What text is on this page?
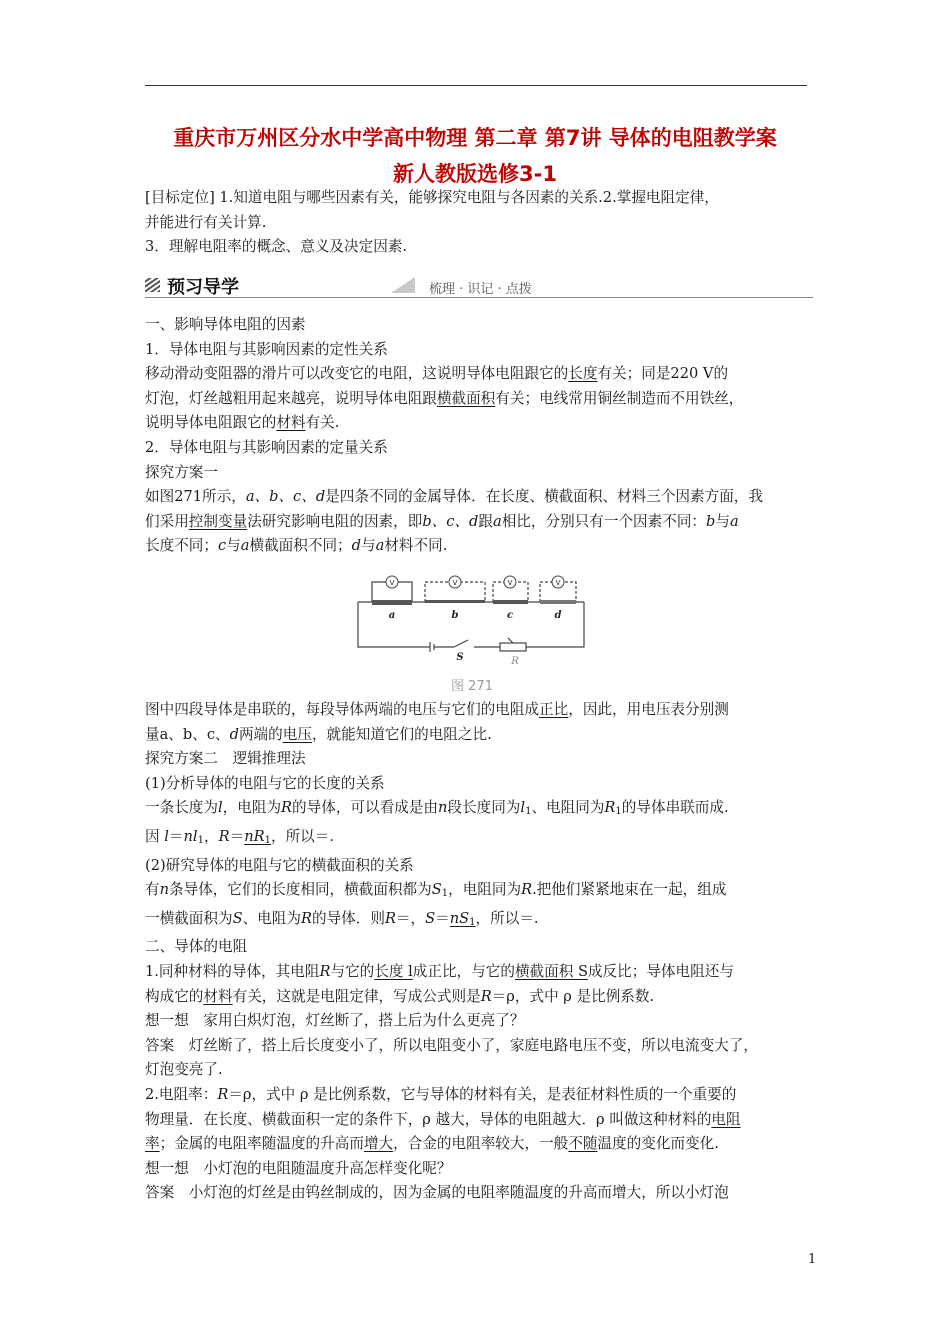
重庆市万州区分水中学高中物理 第二章 第7讲 导体的电阻教学案
新人教版选修3-1

[目标定位] 1.知道电阻与哪些因素有关，能够探究电阻与各因素的关系.2.掌握电阻定律，

并能进行有关计算.

3．理解电阻率的概念、意义及决定因素.

预习导学	梳理 · 识记 · 点拨

一、影响导体电阻的因素

1．导体电阻与其影响因素的定性关系

移动滑动变阻器的滑片可以改变它的电阻，这说明导体电阻跟它的长度有关；同是220 V的

灯泡，灯丝越粗用起来越亮，说明导体电阻跟横截面积有关；电线常用铜丝制造而不用铁丝，

说明导体电阻跟它的材料有关.

2．导体电阻与其影响因素的定量关系

探究方案一

如图271所示，a、b、c、d是四条不同的金属导体．在长度、横截面积、材料三个因素方面，我

们采用控制变量法研究影响电阻的因素，即b、c、d跟a相比，分别只有一个因素不同：b与a

长度不同；c与a横截面积不同；d与a材料不同.

V	V	V	V
a	b	c	d
S	R
图 271

图中四段导体是串联的，每段导体两端的电压与它们的电阻成正比，因此，用电压表分别测

量a、b、c、d两端的电压，就能知道它们的电阻之比.

探究方案二　逻辑推理法

(1)分析导体的电阻与它的长度的关系

一条长度为l，电阻为R的导体，可以看成是由n段长度同为$l_1$、电阻同为$R_1$的导体串联而成.

因 $l=nl_1$，$R=nR_1$，所以＝.

(2)研究导体的电阻与它的横截面积的关系

有n条导体，它们的长度相同，横截面积都为$S_1$，电阻同为R.把他们紧紧地束在一起，组成

一横截面积为S、电阻为R的导体．则R＝，$S=nS_1$，所以＝.

二、导体的电阻

1.同种材料的导体，其电阻R与它的长度 l成正比，与它的横截面积 S成反比；导体电阻还与

构成它的材料有关，这就是电阻定律，写成公式则是R＝ρ，式中 ρ 是比例系数.

想一想　家用白炽灯泡，灯丝断了，搭上后为什么更亮了？

答案　灯丝断了，搭上后长度变小了，所以电阻变小了，家庭电路电压不变，所以电流变大了，

灯泡变亮了.

2.电阻率：R＝ρ，式中 ρ 是比例系数，它与导体的材料有关，是表征材料性质的一个重要的

物理量．在长度、横截面积一定的条件下，ρ 越大，导体的电阻越大．ρ 叫做这种材料的电阻

率；金属的电阻率随温度的升高而增大，合金的电阻率较大，一般不随温度的变化而变化.

想一想　小灯泡的电阻随温度升高怎样变化呢？

答案　小灯泡的灯丝是由钨丝制成的，因为金属的电阻率随温度的升高而增大，所以小灯泡

1
